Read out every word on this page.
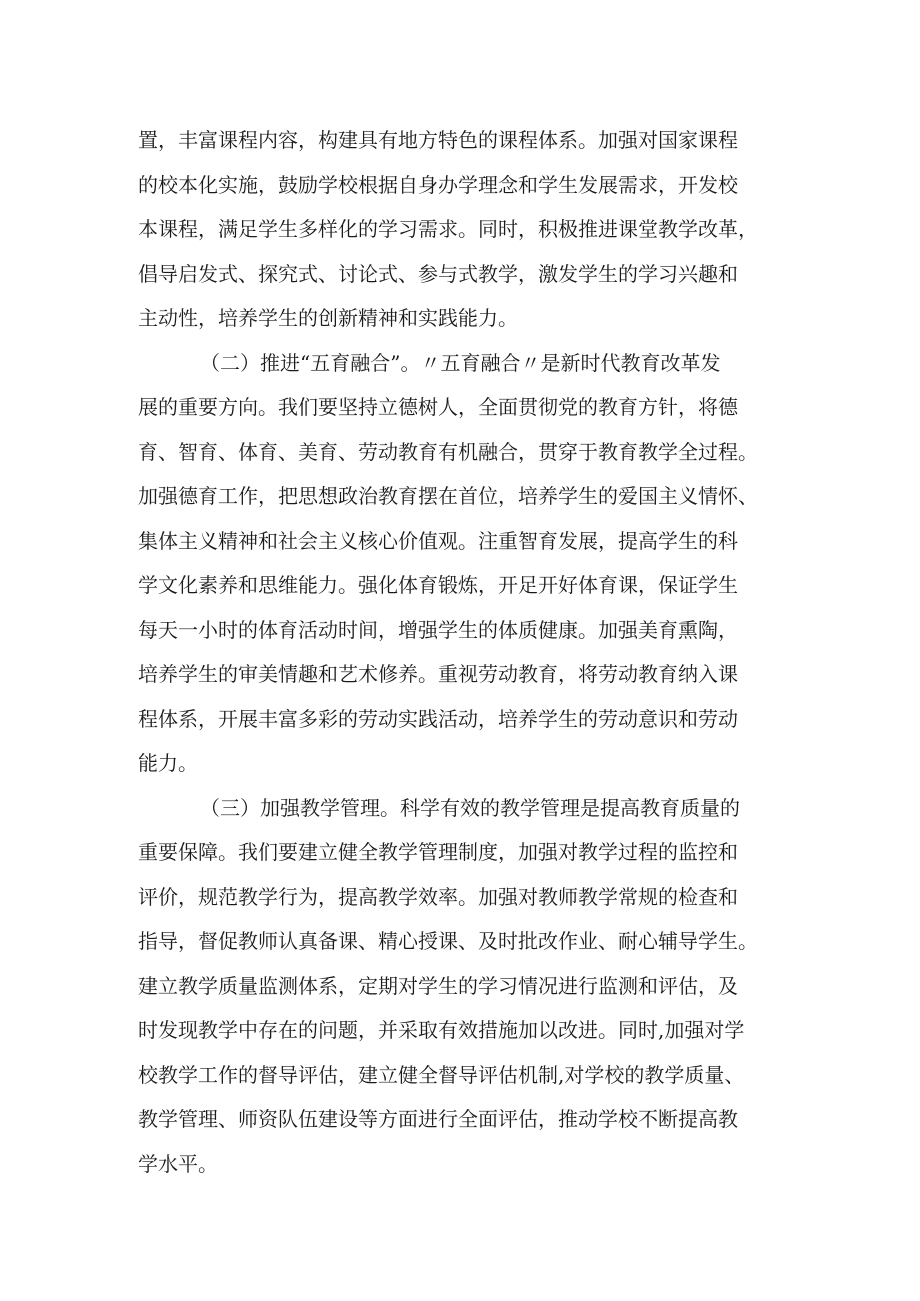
置，丰富课程内容，构建具有地方特色的课程体系。加强对国家课程
的校本化实施，鼓励学校根据自身办学理念和学生发展需求，开发校
本课程，满足学生多样化的学习需求。同时，积极推进课堂教学改革，
倡导启发式、探究式、讨论式、参与式教学，激发学生的学习兴趣和
主动性，培养学生的创新精神和实践能力。
（二）推进“五育融合”。〃五育融合〃是新时代教育改革发
展的重要方向。我们要坚持立德树人，全面贯彻党的教育方针，将德
育、智育、体育、美育、劳动教育有机融合，贯穿于教育教学全过程。
加强德育工作，把思想政治教育摆在首位，培养学生的爱国主义情怀、
集体主义精神和社会主义核心价值观。注重智育发展，提高学生的科
学文化素养和思维能力。强化体育锻炼，开足开好体育课，保证学生
每天一小时的体育活动时间，增强学生的体质健康。加强美育熏陶，
培养学生的审美情趣和艺术修养。重视劳动教育，将劳动教育纳入课
程体系，开展丰富多彩的劳动实践活动，培养学生的劳动意识和劳动
能力。
（三）加强教学管理。科学有效的教学管理是提高教育质量的
重要保障。我们要建立健全教学管理制度，加强对教学过程的监控和
评价，规范教学行为，提高教学效率。加强对教师教学常规的检查和
指导，督促教师认真备课、精心授课、及时批改作业、耐心辅导学生。
建立教学质量监测体系，定期对学生的学习情况进行监测和评估，及
时发现教学中存在的问题，并采取有效措施加以改进。同时,加强对学
校教学工作的督导评估，建立健全督导评估机制,对学校的教学质量、
教学管理、师资队伍建设等方面进行全面评估，推动学校不断提高教
学水平。
